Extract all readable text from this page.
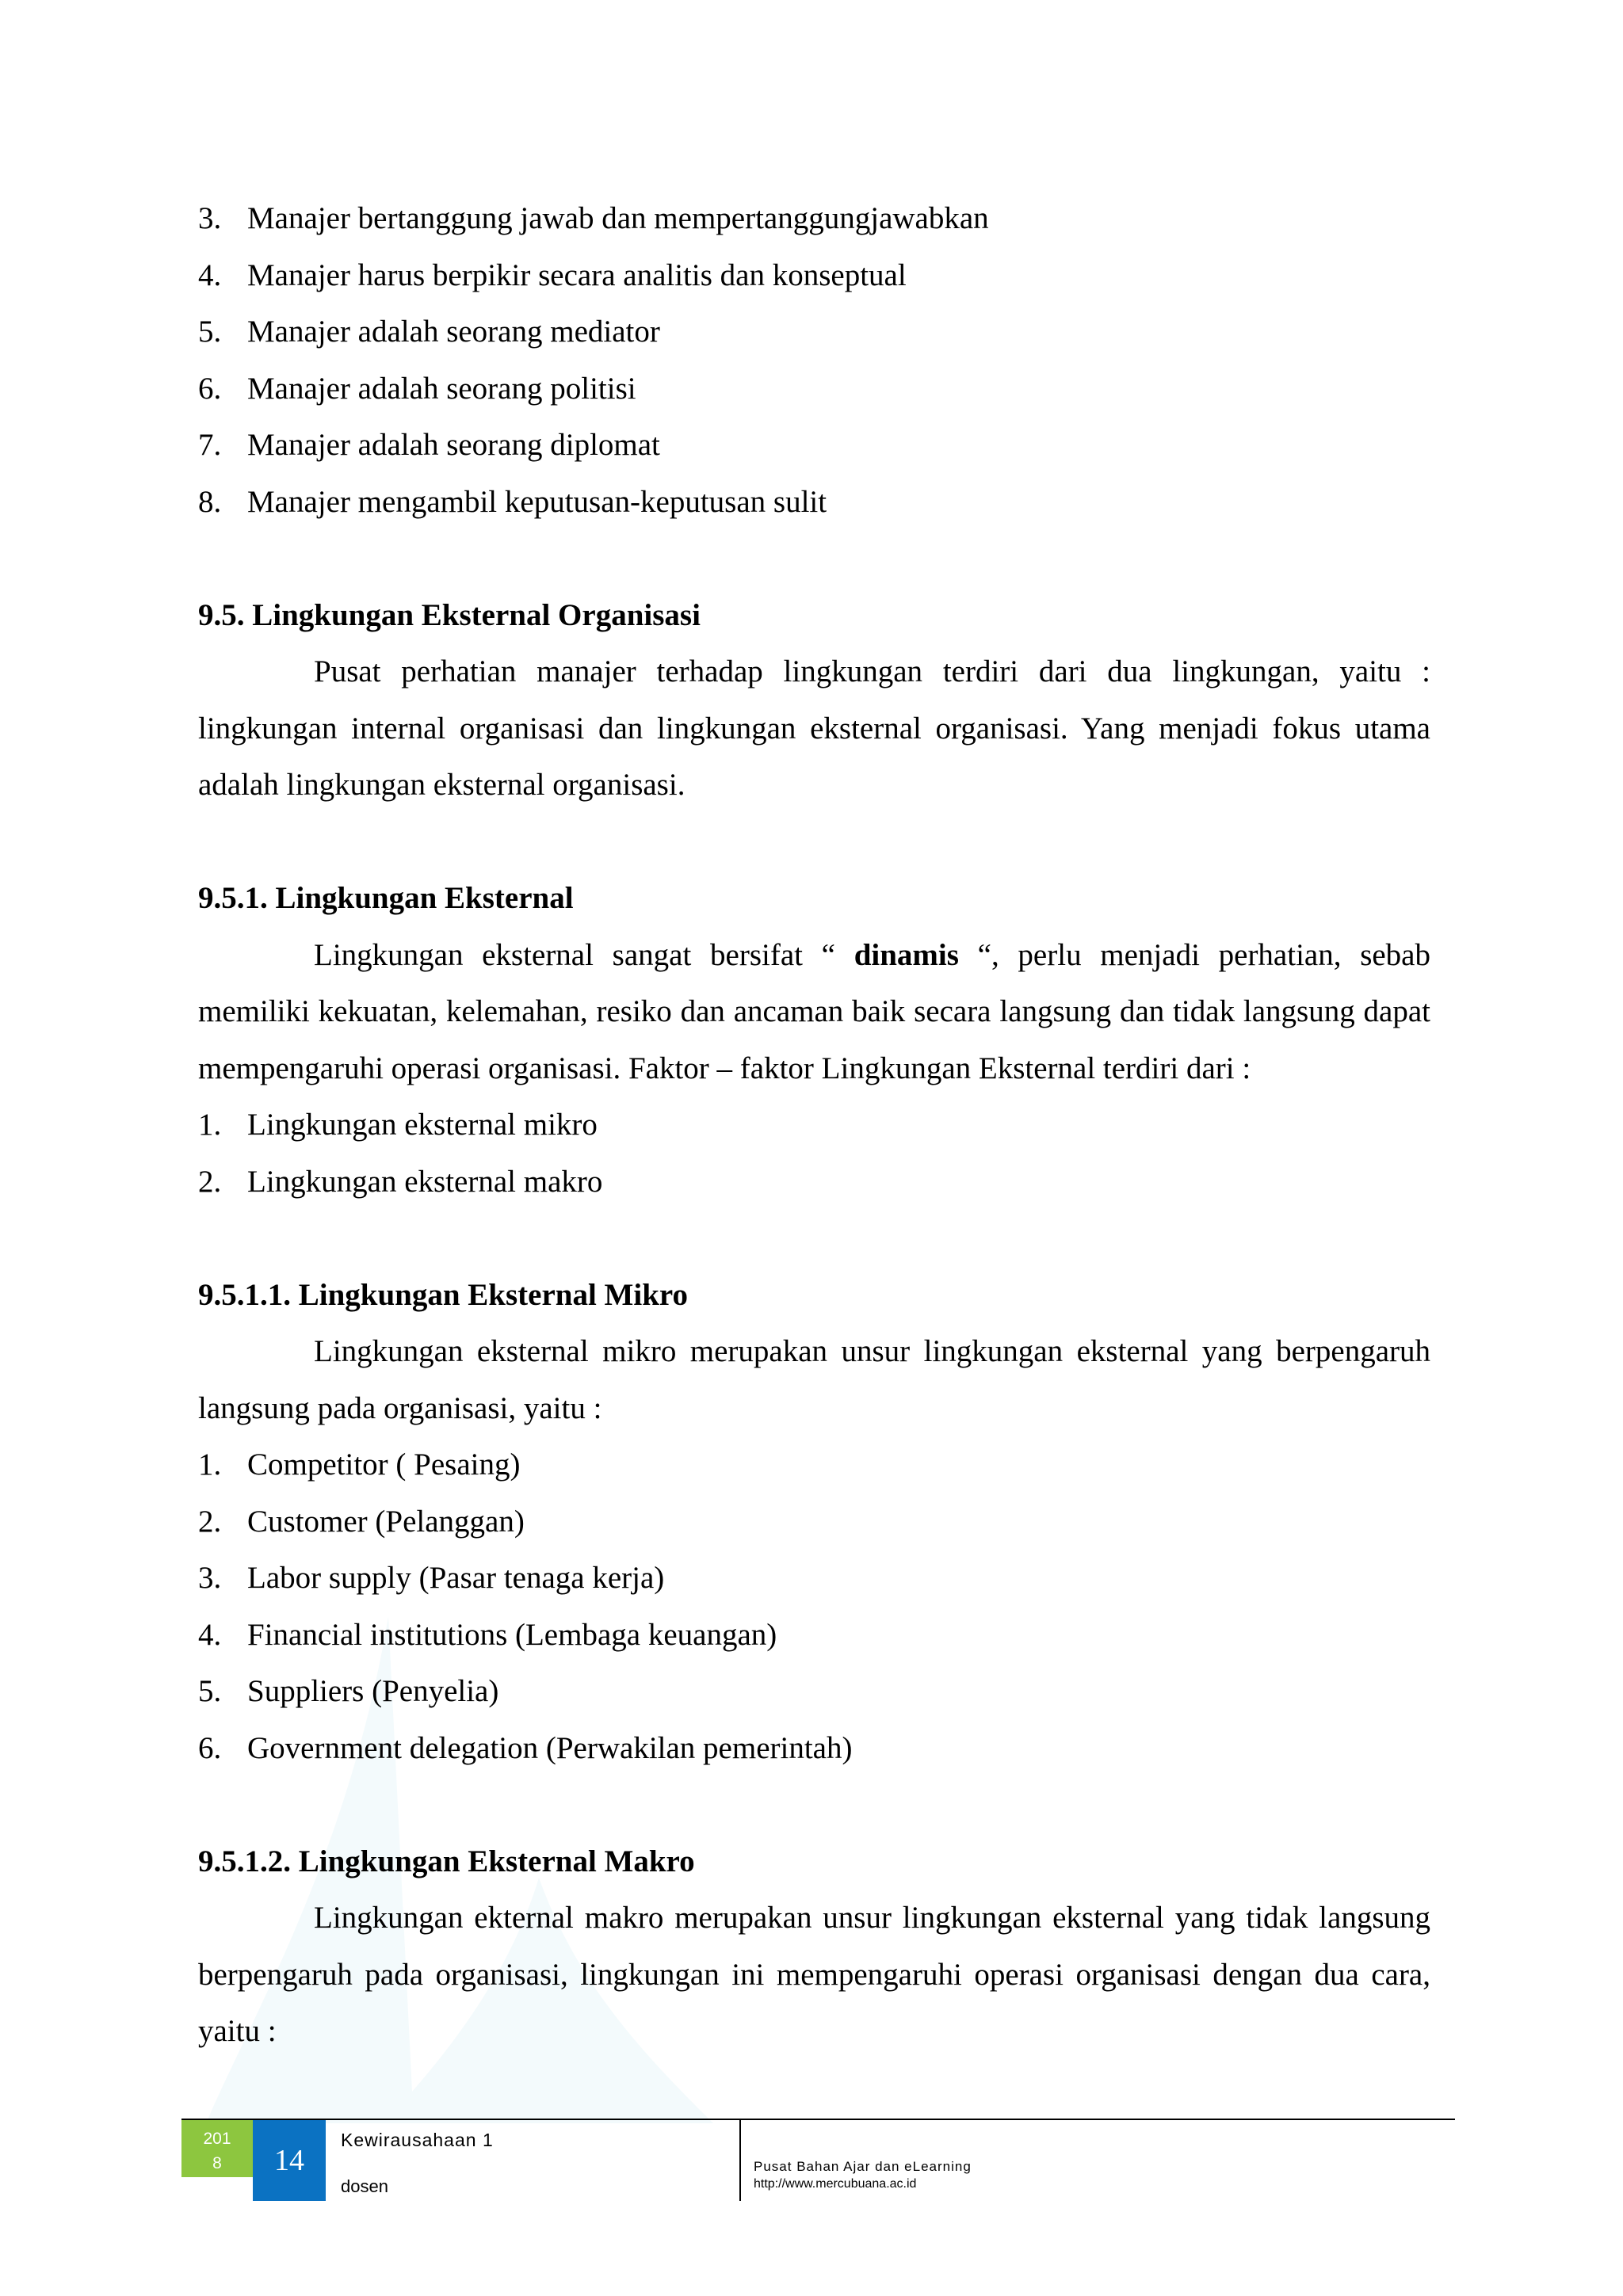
3. Manajer bertanggung jawab dan mempertanggungjawabkan
4. Manajer harus berpikir secara analitis dan konseptual
5. Manajer adalah seorang mediator
6. Manajer adalah seorang politisi
7. Manajer adalah seorang diplomat
8. Manajer mengambil keputusan-keputusan sulit
9.5. Lingkungan Eksternal Organisasi

Pusat perhatian manajer terhadap lingkungan terdiri dari dua lingkungan, yaitu : lingkungan internal organisasi dan lingkungan eksternal organisasi. Yang menjadi fokus utama adalah lingkungan eksternal organisasi.

9.5.1. Lingkungan Eksternal

Lingkungan eksternal sangat bersifat “ dinamis “, perlu menjadi perhatian, sebab memiliki kekuatan, kelemahan, resiko dan ancaman baik secara langsung dan tidak langsung dapat mempengaruhi operasi organisasi. Faktor – faktor Lingkungan Eksternal terdiri dari :

1. Lingkungan eksternal mikro
2. Lingkungan eksternal makro
9.5.1.1. Lingkungan Eksternal Mikro

Lingkungan eksternal mikro merupakan unsur lingkungan eksternal yang berpengaruh langsung pada organisasi, yaitu :

1. Competitor ( Pesaing)
2. Customer (Pelanggan)
3. Labor supply (Pasar tenaga kerja)
4. Financial institutions (Lembaga keuangan)
5. Suppliers (Penyelia)
6. Government delegation (Perwakilan pemerintah)
9.5.1.2. Lingkungan Eksternal Makro

Lingkungan ekternal makro merupakan unsur lingkungan eksternal yang tidak langsung berpengaruh pada organisasi, lingkungan ini mempengaruhi operasi organisasi dengan dua cara, yaitu :

201
8	14
Kewirausahaan 1
dosen
Pusat Bahan Ajar dan eLearning
http://www.mercubuana.ac.id
